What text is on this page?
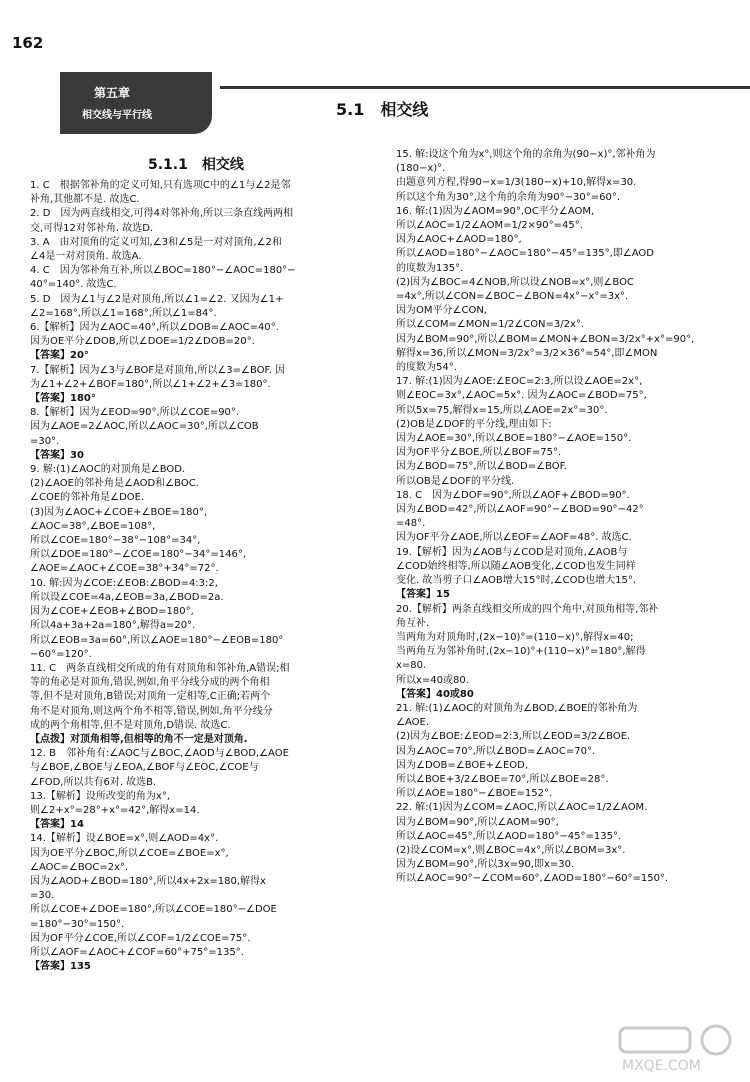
162
第五章
相交线与平行线	5.1　相交线
5.1.1　相交线

1. C　根据邻补角的定义可知,只有选项C中的∠1与∠2是邻

补角,其他都不是. 故选C.

2. D　因为两直线相交,可得4对邻补角,所以三条直线两两相

交,可得12对邻补角. 故选D.

3. A　由对顶角的定义可知,∠3和∠5是一对对顶角,∠2和

∠4是一对对顶角. 故选A.

4. C　因为邻补角互补,所以∠BOC=180°−∠AOC=180°−

40°=140°. 故选C.

5. D　因为∠1与∠2是对顶角,所以∠1=∠2. 又因为∠1+

∠2=168°,所以∠1=168°,所以∠1=84°.

6.【解析】因为∠AOC=40°,所以∠DOB=∠AOC=40°.

因为OE平分∠DOB,所以∠DOE=1/2∠DOB=20°.

【答案】20°

7.【解析】因为∠3与∠BOF是对顶角,所以∠3=∠BOF. 因

为∠1+∠2+∠BOF=180°,所以∠1+∠2+∠3=180°.

【答案】180°

8.【解析】因为∠EOD=90°,所以∠COE=90°.

因为∠AOE=2∠AOC,所以∠AOC=30°,所以∠COB

=30°.

【答案】30

9. 解:(1)∠AOC的对顶角是∠BOD.

(2)∠AOE的邻补角是∠AOD和∠BOC.

∠COE的邻补角是∠DOE.

(3)因为∠AOC+∠COE+∠BOE=180°,

∠AOC=38°,∠BOE=108°,

所以∠COE=180°−38°−108°=34°,

所以∠DOE=180°−∠COE=180°−34°=146°,

∠AOE=∠AOC+∠COE=38°+34°=72°.

10. 解:因为∠COE:∠EOB:∠BOD=4:3:2,

所以设∠COE=4a,∠EOB=3a,∠BOD=2a.

因为∠COE+∠EOB+∠BOD=180°,

所以4a+3a+2a=180°,解得a=20°.

所以∠EOB=3a=60°,所以∠AOE=180°−∠EOB=180°

−60°=120°.

11. C　两条直线相交所成的角有对顶角和邻补角,A错误;相

等的角必是对顶角,错误,例如,角平分线分成的两个角相

等,但不是对顶角,B错误;对顶角一定相等,C正确;若两个

角不是对顶角,则这两个角不相等,错误,例如,角平分线分

成的两个角相等,但不是对顶角,D错误. 故选C.

【点拨】对顶角相等,但相等的角不一定是对顶角.

12. B　邻补角有:∠AOC与∠BOC,∠AOD与∠BOD,∠AOE

与∠BOE,∠BOE与∠EOA,∠BOF与∠EOC,∠COE与

∠FOD,所以共有6对. 故选B.

13.【解析】设所改变的角为x°,

则∠2+x°=28°+x°=42°,解得x=14.

【答案】14

14.【解析】设∠BOE=x°,则∠AOD=4x°.

因为OE平分∠BOC,所以∠COE=∠BOE=x°,

∠AOC=∠BOC=2x°.

因为∠AOD+∠BOD=180°,所以4x+2x=180,解得x

=30.

所以∠COE+∠DOE=180°,所以∠COE=180°−∠DOE

=180°−30°=150°.

因为OF平分∠COE,所以∠COF=1/2∠COE=75°.

所以∠AOF=∠AOC+∠COF=60°+75°=135°.

【答案】135

15. 解:设这个角为x°,则这个角的余角为(90−x)°,邻补角为

(180−x)°.

由题意列方程,得90−x=1/3(180−x)+10,解得x=30.

所以这个角为30°,这个角的余角为90°−30°=60°.

16. 解:(1)因为∠AOM=90°,OC平分∠AOM,

所以∠AOC=1/2∠AOM=1/2×90°=45°.

因为∠AOC+∠AOD=180°,

所以∠AOD=180°−∠AOC=180°−45°=135°,即∠AOD

的度数为135°.

(2)因为∠BOC=4∠NOB,所以设∠NOB=x°,则∠BOC

=4x°,所以∠CON=∠BOC−∠BON=4x°−x°=3x°.

因为OM平分∠CON,

所以∠COM=∠MON=1/2∠CON=3/2x°.

因为∠BOM=90°,所以∠BOM=∠MON+∠BON=3/2x°+x°=90°,

解得x=36,所以∠MON=3/2x°=3/2×36°=54°,即∠MON

的度数为54°.

17. 解:(1)因为∠AOE:∠EOC=2:3,所以设∠AOE=2x°,

则∠EOC=3x°,∠AOC=5x°. 因为∠AOC=∠BOD=75°,

所以5x=75,解得x=15,所以∠AOE=2x°=30°.

(2)OB是∠DOF的平分线,理由如下:

因为∠AOE=30°,所以∠BOE=180°−∠AOE=150°.

因为OF平分∠BOE,所以∠BOF=75°.

因为∠BOD=75°,所以∠BOD=∠BOF.

所以OB是∠DOF的平分线.

18. C　因为∠DOF=90°,所以∠AOF+∠BOD=90°.

因为∠BOD=42°,所以∠AOF=90°−∠BOD=90°−42°

=48°.

因为OF平分∠AOE,所以∠EOF=∠AOF=48°. 故选C.

19.【解析】因为∠AOB与∠COD是对顶角,∠AOB与

∠COD始终相等,所以随∠AOB变化,∠COD也发生同样

变化. 故当剪子口∠AOB增大15°时,∠COD也增大15°.

【答案】15

20.【解析】两条直线相交所成的四个角中,对顶角相等,邻补

角互补.

当两角为对顶角时,(2x−10)°=(110−x)°,解得x=40;

当两角互为邻补角时,(2x−10)°+(110−x)°=180°,解得

x=80.

所以x=40或80.

【答案】40或80

21. 解:(1)∠AOC的对顶角为∠BOD,∠BOE的邻补角为

∠AOE.

(2)因为∠BOE:∠EOD=2:3,所以∠EOD=3/2∠BOE.

因为∠AOC=70°,所以∠BOD=∠AOC=70°.

因为∠DOB=∠BOE+∠EOD,

所以∠BOE+3/2∠BOE=70°,所以∠BOE=28°.

所以∠AOE=180°−∠BOE=152°.

22. 解:(1)因为∠COM=∠AOC,所以∠AOC=1/2∠AOM.

因为∠BOM=90°,所以∠AOM=90°,

所以∠AOC=45°,所以∠AOD=180°−45°=135°.

(2)设∠COM=x°,则∠BOC=4x°,所以∠BOM=3x°.

因为∠BOM=90°,所以3x=90,即x=30.

所以∠AOC=90°−∠COM=60°,∠AOD=180°−60°=150°.

MXQE.COM
